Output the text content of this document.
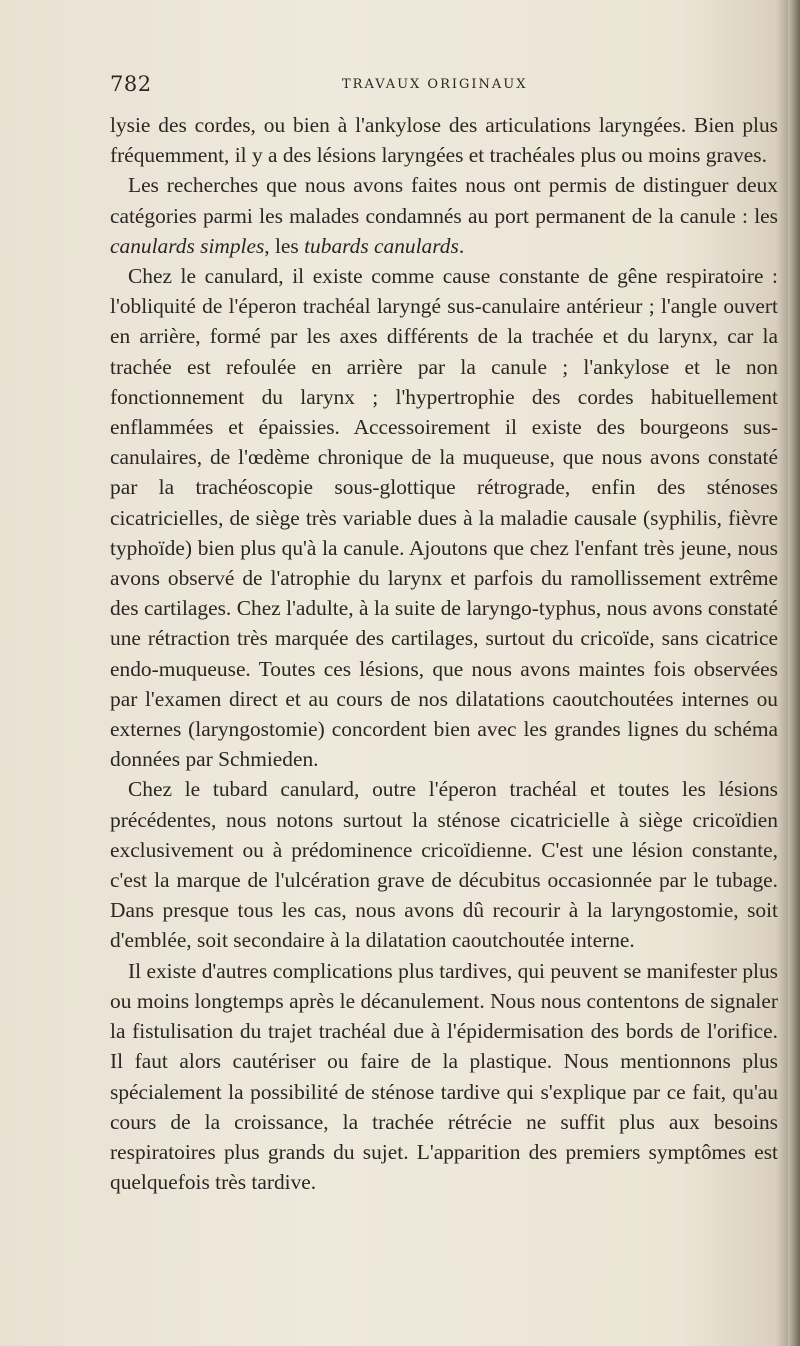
782	TRAVAUX ORIGINAUX

lysie des cordes, ou bien à l'ankylose des articulations laryngées. Bien plus fréquemment, il y a des lésions laryngées et trachéales plus ou moins graves.

Les recherches que nous avons faites nous ont permis de distinguer deux catégories parmi les malades condamnés au port permanent de la canule : les canulards simples, les tubards canulards.

Chez le canulard, il existe comme cause constante de gêne respiratoire : l'obliquité de l'éperon trachéal laryngé sus-canulaire antérieur ; l'angle ouvert en arrière, formé par les axes différents de la trachée et du larynx, car la trachée est refoulée en arrière par la canule ; l'ankylose et le non fonctionnement du larynx ; l'hypertrophie des cordes habituellement enflammées et épaissies. Accessoirement il existe des bourgeons sus-canulaires, de l'œdème chronique de la muqueuse, que nous avons constaté par la trachéoscopie sous-glottique rétrograde, enfin des sténoses cicatricielles, de siège très variable dues à la maladie causale (syphilis, fièvre typhoïde) bien plus qu'à la canule. Ajoutons que chez l'enfant très jeune, nous avons observé de l'atrophie du larynx et parfois du ramollissement extrême des cartilages. Chez l'adulte, à la suite de laryngo-typhus, nous avons constaté une rétraction très marquée des cartilages, surtout du cricoïde, sans cicatrice endo-muqueuse. Toutes ces lésions, que nous avons maintes fois observées par l'examen direct et au cours de nos dilatations caoutchoutées internes ou externes (laryngostomie) concordent bien avec les grandes lignes du schéma données par Schmieden.

Chez le tubard canulard, outre l'éperon trachéal et toutes les lésions précédentes, nous notons surtout la sténose cicatricielle à siège cricoïdien exclusivement ou à prédominence cricoïdienne. C'est une lésion constante, c'est la marque de l'ulcération grave de décubitus occasionnée par le tubage. Dans presque tous les cas, nous avons dû recourir à la laryngostomie, soit d'emblée, soit secondaire à la dilatation caoutchoutée interne.

Il existe d'autres complications plus tardives, qui peuvent se manifester plus ou moins longtemps après le décanulement. Nous nous contentons de signaler la fistulisation du trajet trachéal due à l'épidermisation des bords de l'orifice. Il faut alors cautériser ou faire de la plastique. Nous mentionnons plus spécialement la possibilité de sténose tardive qui s'explique par ce fait, qu'au cours de la croissance, la trachée rétrécie ne suffit plus aux besoins respiratoires plus grands du sujet. L'apparition des premiers symptômes est quelquefois très tardive.
